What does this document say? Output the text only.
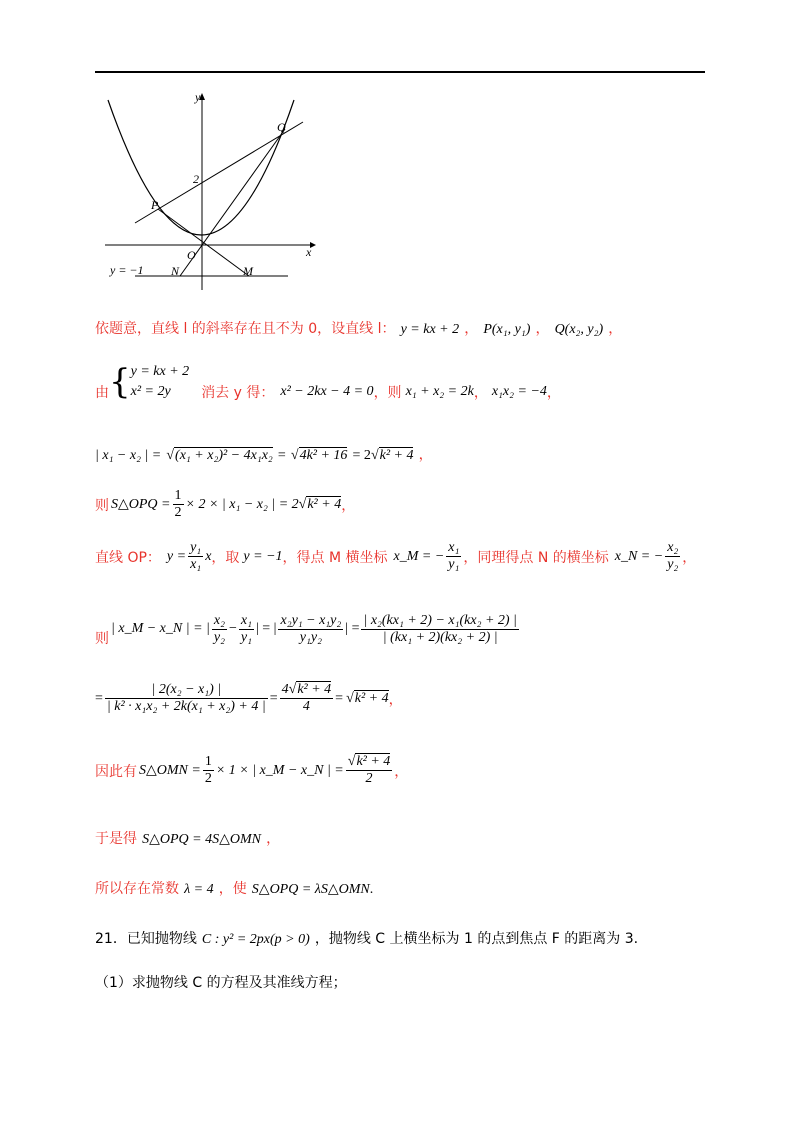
y
x
2
Q
P
O
N	M
y = −1
依题意，直线 l 的斜率存在且不为 0，设直线 l： y = kx + 2 ， P(x₁, y₁) ， Q(x₂, y₂) ，
由 { y = kx + 2
x² = 2y	消去 y 得： x² − 2kx − 4 = 0 ，则 x₁ + x₂ = 2k ， x₁x₂ = −4 ，
| x₁ − x₂ | = √(x₁ + x₂)² − 4x₁x₂ = √4k² + 16 = 2√k² + 4 ，
则 S△OPQ = $\frac{1}{2} \times 2$ × | x₁ − x₂ | = 2 √ k² + 4 ，
直线 OP： $y = \frac{\text{y₁}}{\text{x₁}}$ x ，取 y = −1 ，得点 M 横坐标 x_M = − $\frac{\text{x₁}}{\text{y₁}}$ ，同理得点 N 的横坐标 x_N = − $\frac{\text{x₂}}{\text{y₂}}$ ，
则
| x_M − x_N | = | $\frac{\text{x₂}}{\text{y₂}} - \frac{\text{x₁}}{\text{y₁}}$ | = | $\frac{\text{x₂y₁ − x₁y₂}}{\text{y₁y₂}}$ | = $\frac{\text{| x₂(kx₁ + 2) − x₁(kx₂ + 2) |}}{\text{| (kx₁ + 2)(kx₂ + 2) |}}$
= $\frac{\text{| 2(x₂ − x₁) |}}{\text{| k² · x₁x₂ + 2k(x₁ + x₂) + 4 |}} = \frac{\text{4√k² + 4}}{4}$ = √ k² + 4 ，
因此有 S△OMN = $\frac{1}{2} \times 1$ × | x_M − x_N | = $\frac{\text{√k² + 4}}{2}$ ，
于是得 S△OPQ = 4S△OMN ，
所以存在常数 λ = 4 ，使 S△OPQ = λS△OMN.
21．已知抛物线 C : y² = 2px(p > 0) ，抛物线 C 上横坐标为 1 的点到焦点 F 的距离为 3.
（1）求抛物线 C 的方程及其准线方程；
